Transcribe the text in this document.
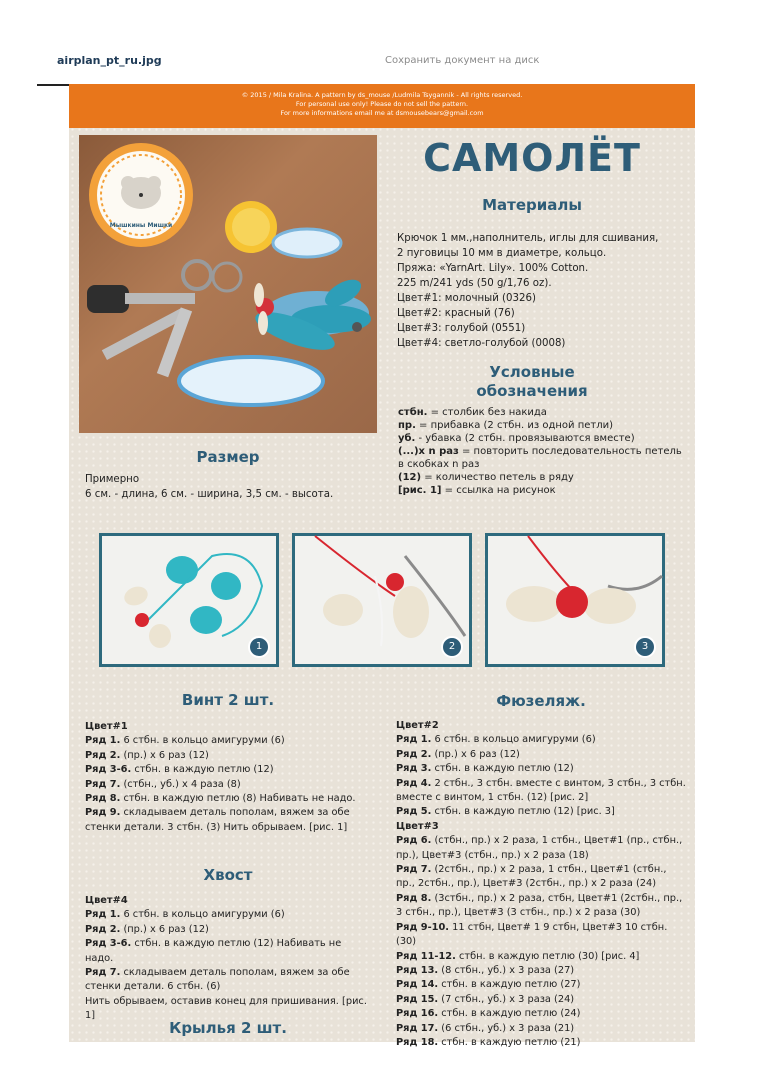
airplan_pt_ru.jpg	Сохранить документ на диск
© 2015 / Mila Kralina. A pattern by ds_mouse /Ludmila Tsygannik - All rights reserved.
For personal use only! Please do not sell the pattern.
For more informations email me at dsmousebears@gmail.com
Мышкины Мишки
САМОЛЁТ
Материалы
Крючок 1 мм.,наполнитель, иглы для сшивания,
2 пуговицы 10 мм в диаметре, кольцо.
Пряжа: «YarnArt. Lily». 100% Cotton.
225 m/241 yds (50 g/1,76 oz).
Цвет#1: молочный (0326)
Цвет#2: красный (76)
Цвет#3: голубой (0551)
Цвет#4: светло-голубой (0008)
Условные
обозначения
стбн. = столбик без накида
пр. = прибавка (2 стбн. из одной петли)
уб. - убавка (2 стбн. провязываются вместе)
(...)x n раз = повторить последовательность петель в скобках n раз
(12) = количество петель в ряду
[рис. 1] = ссылка на рисунок
Размер
Примерно
6 см. - длина, 6 см. - ширина, 3,5 см. - высота.
1	2	3
Винт 2 шт.

Цвет#1

Ряд 1. 6 стбн. в кольцо амигуруми (6)

Ряд 2. (пр.) х 6 раз (12)

Ряд 3-6. стбн. в каждую петлю (12)

Ряд 7. (стбн., уб.) х 4 раза (8)

Ряд 8. стбн. в каждую петлю (8) Набивать не надо.

Ряд 9. складываем деталь пополам, вяжем за обе стенки детали. 3 стбн. (3) Нить обрываем. [рис. 1]

Хвост

Цвет#4

Ряд 1. 6 стбн. в кольцо амигуруми (6)

Ряд 2. (пр.) х 6 раз (12)

Ряд 3-6. стбн. в каждую петлю (12) Набивать не надо.

Ряд 7. складываем деталь пополам, вяжем за обе стенки детали. 6 стбн. (6)

Нить обрываем, оставив конец для пришивания. [рис. 1]

Крылья 2 шт.
Фюзеляж.

Цвет#2

Ряд 1. 6 стбн. в кольцо амигуруми (6)

Ряд 2. (пр.) х 6 раз (12)

Ряд 3. стбн. в каждую петлю (12)

Ряд 4. 2 стбн., 3 стбн. вместе с винтом, 3 стбн., 3 стбн. вместе с винтом, 1 стбн. (12) [рис. 2]

Ряд 5. стбн. в каждую петлю (12) [рис. 3]

Цвет#3

Ряд 6. (стбн., пр.) х 2 раза, 1 стбн., Цвет#1 (пр., стбн., пр.), Цвет#3 (стбн., пр.) х 2 раза (18)

Ряд 7. (2стбн., пр.) х 2 раза, 1 стбн., Цвет#1 (стбн., пр., 2стбн., пр.), Цвет#3 (2стбн., пр.) х 2 раза (24)

Ряд 8. (3стбн., пр.) х 2 раза, стбн, Цвет#1 (2стбн., пр., 3 стбн., пр.), Цвет#3 (3 стбн., пр.) х 2 раза (30)

Ряд 9-10. 11 стбн, Цвет# 1 9 стбн, Цвет#3 10 стбн. (30)

Ряд 11-12. стбн. в каждую петлю (30) [рис. 4]

Ряд 13. (8 стбн., уб.) х 3 раза (27)

Ряд 14. стбн. в каждую петлю (27)

Ряд 15. (7 стбн., уб.) х 3 раза (24)

Ряд 16. стбн. в каждую петлю (24)

Ряд 17. (6 стбн., уб.) х 3 раза (21)

Ряд 18. стбн. в каждую петлю (21)
